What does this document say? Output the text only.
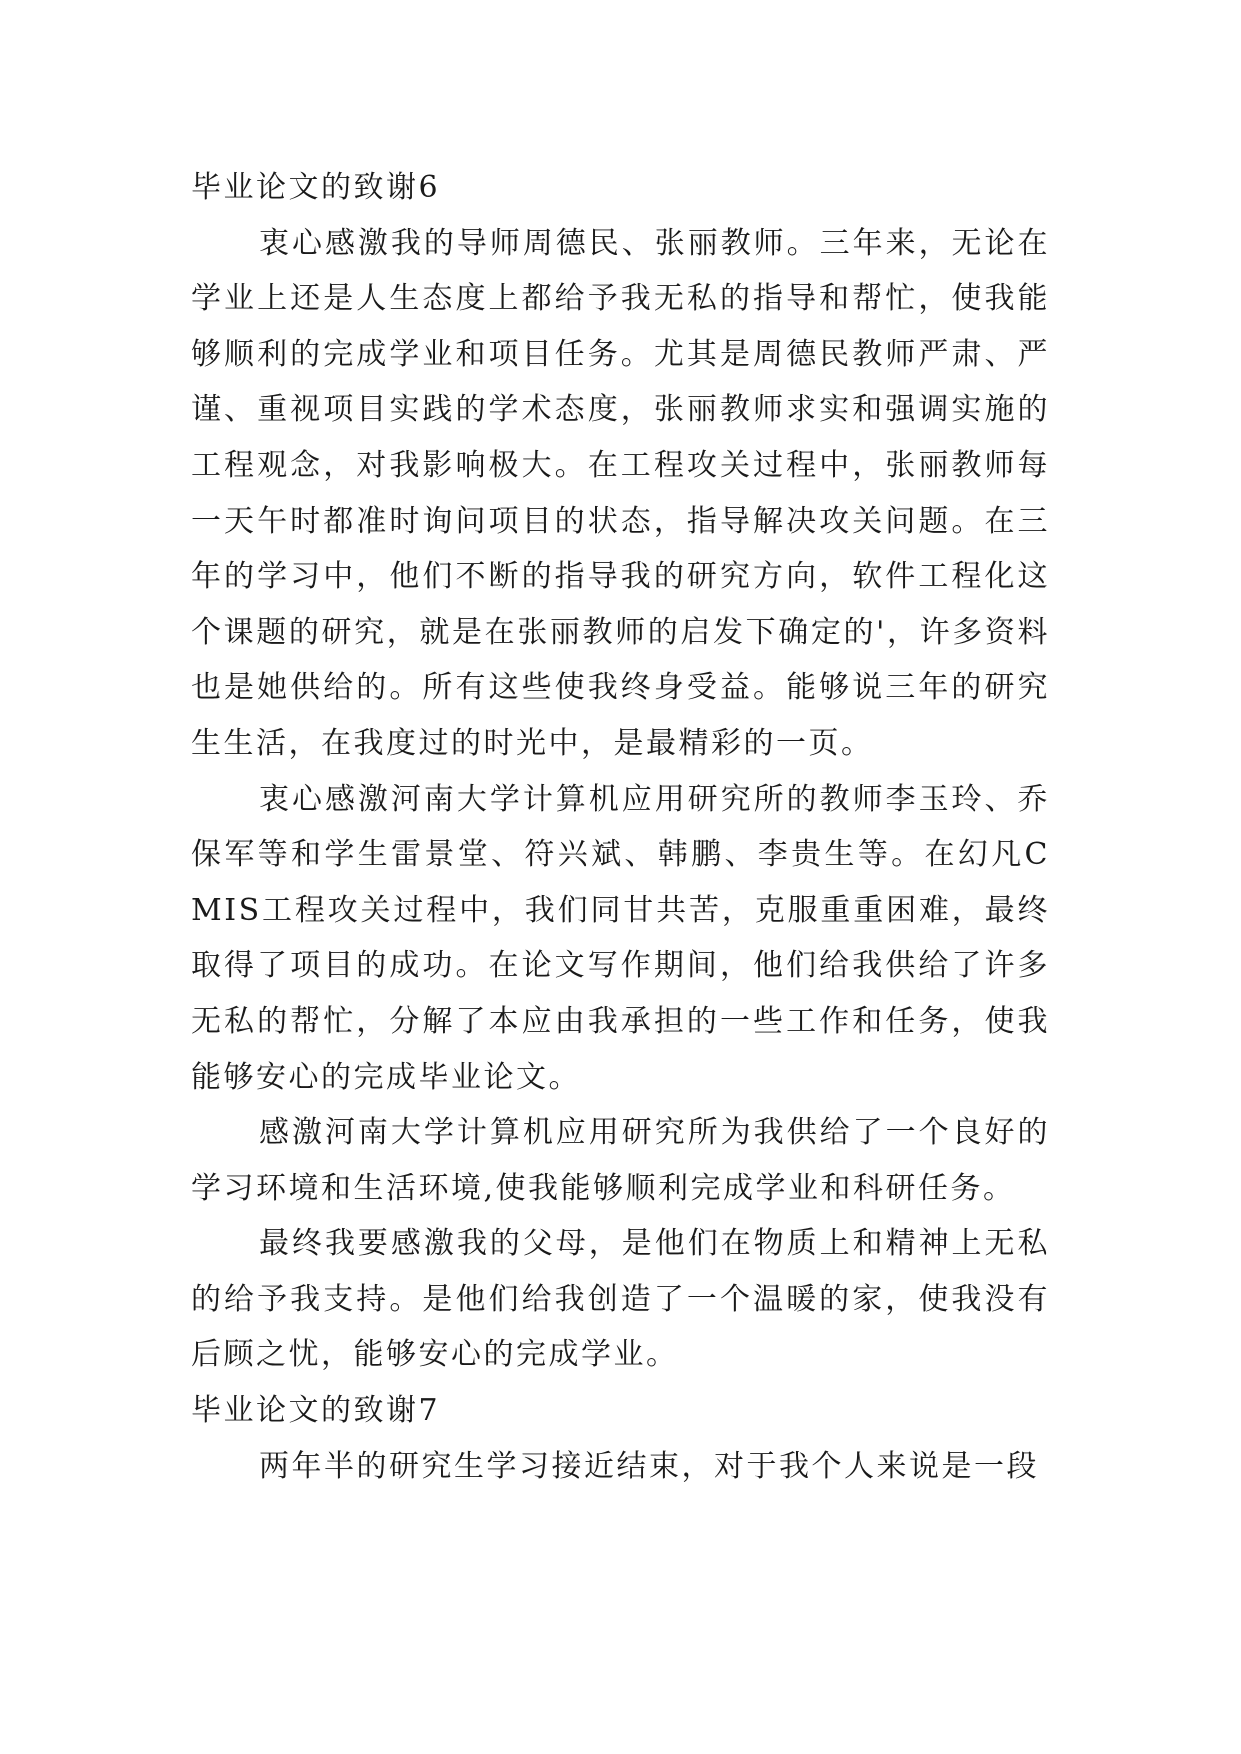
毕业论文的致谢6

衷心感激我的导师周德民、张丽教师。三年来，无论在学业上还是人生态度上都给予我无私的指导和帮忙，使我能够顺利的完成学业和项目任务。尤其是周德民教师严肃、严谨、重视项目实践的学术态度，张丽教师求实和强调实施的工程观念，对我影响极大。在工程攻关过程中，张丽教师每一天午时都准时询问项目的状态，指导解决攻关问题。在三年的学习中，他们不断的指导我的研究方向，软件工程化这个课题的研究，就是在张丽教师的启发下确定的'，许多资料也是她供给的。所有这些使我终身受益。能够说三年的研究生生活，在我度过的时光中，是最精彩的一页。

衷心感激河南大学计算机应用研究所的教师李玉玲、乔保军等和学生雷景堂、符兴斌、韩鹏、李贵生等。在幻凡CMIS工程攻关过程中，我们同甘共苦，克服重重困难，最终取得了项目的成功。在论文写作期间，他们给我供给了许多无私的帮忙，分解了本应由我承担的一些工作和任务，使我能够安心的完成毕业论文。

感激河南大学计算机应用研究所为我供给了一个良好的学习环境和生活环境,使我能够顺利完成学业和科研任务。

最终我要感激我的父母，是他们在物质上和精神上无私的给予我支持。是他们给我创造了一个温暖的家，使我没有后顾之忧，能够安心的完成学业。

毕业论文的致谢7

两年半的研究生学习接近结束，对于我个人来说是一段
